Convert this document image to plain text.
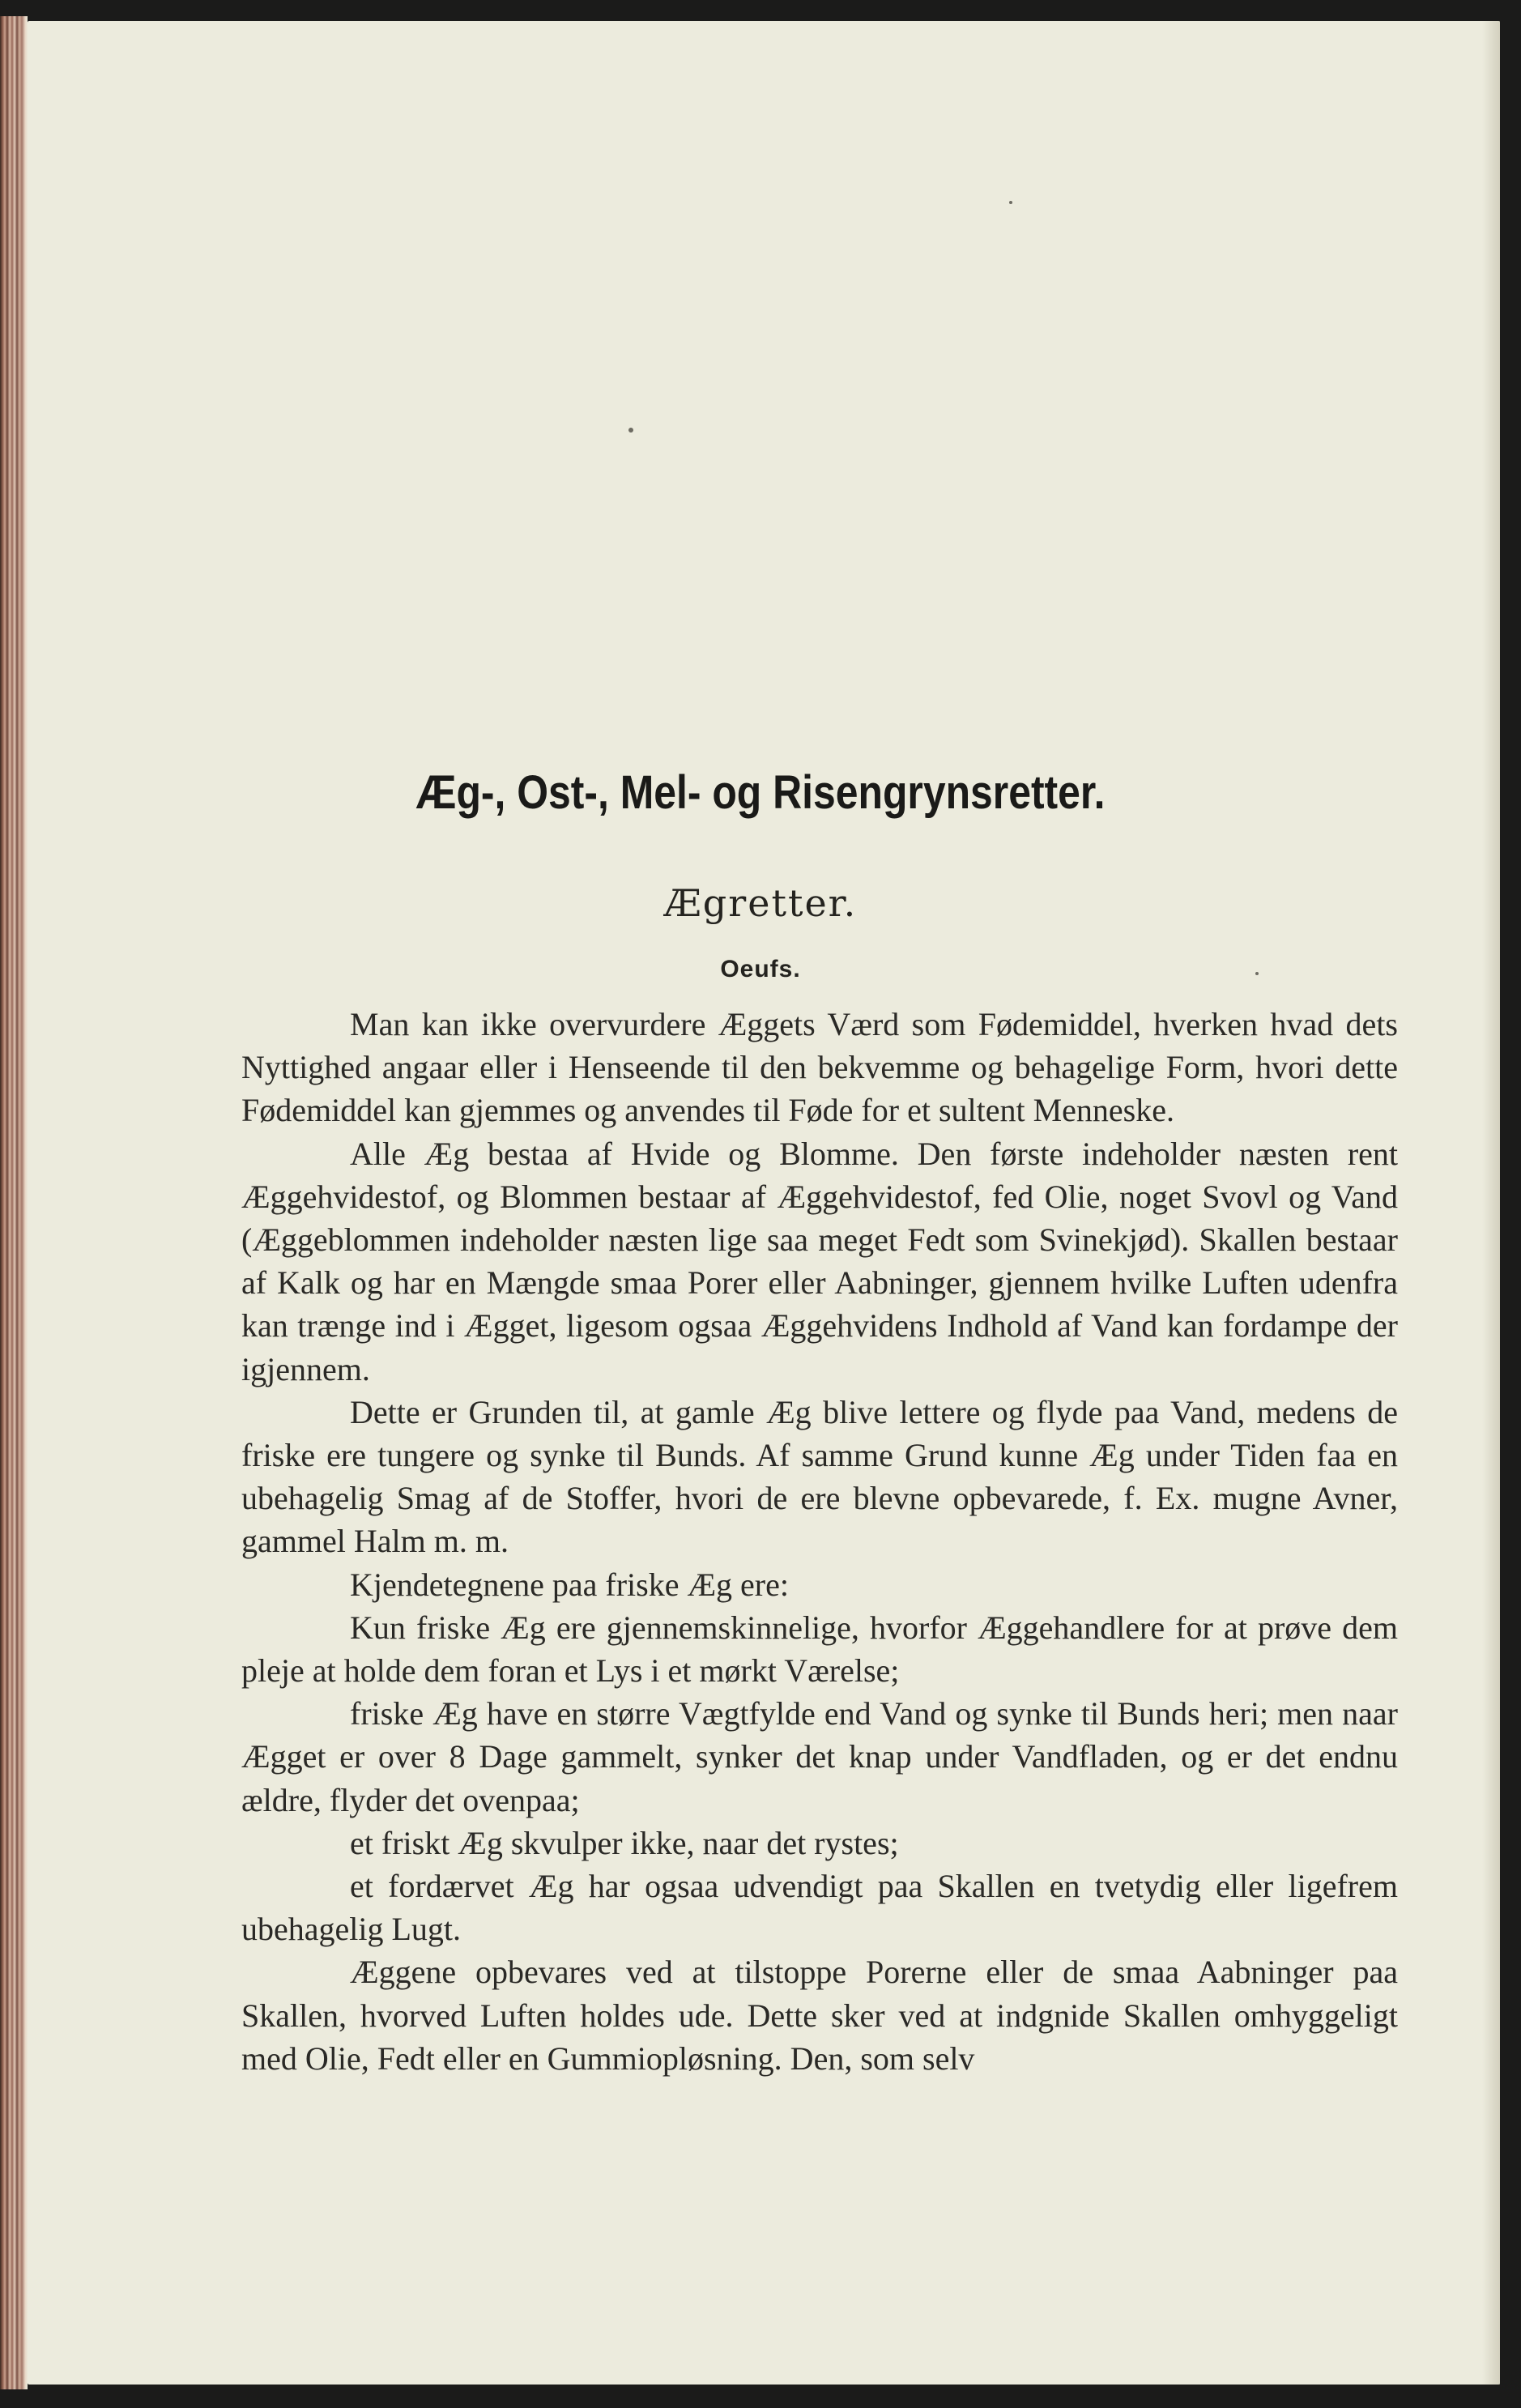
Æg-, Ost-, Mel- og Risengrynsretter.
Ægretter.
Oeufs.

Man kan ikke overvurdere Æggets Værd som Fødemiddel, hverken hvad dets Nyttighed angaar eller i Henseende til den bekvemme og behagelige Form, hvori dette Fødemiddel kan gjemmes og anvendes til Føde for et sultent Menneske.

Alle Æg bestaa af Hvide og Blomme. Den første indeholder næsten rent Æggehvidestof, og Blommen bestaar af Æggehvidestof, fed Olie, noget Svovl og Vand (Æggeblommen indeholder næsten lige saa meget Fedt som Svinekjød). Skallen bestaar af Kalk og har en Mængde smaa Porer eller Aabninger, gjennem hvilke Luften udenfra kan trænge ind i Ægget, ligesom ogsaa Æggehvidens Indhold af Vand kan fordampe der igjennem.

Dette er Grunden til, at gamle Æg blive lettere og flyde paa Vand, medens de friske ere tungere og synke til Bunds. Af samme Grund kunne Æg under Tiden faa en ubehagelig Smag af de Stoffer, hvori de ere blevne opbevarede, f. Ex. mugne Avner, gammel Halm m. m.

Kjendetegnene paa friske Æg ere:

Kun friske Æg ere gjennemskinnelige, hvorfor Æggehandlere for at prøve dem pleje at holde dem foran et Lys i et mørkt Værelse;

friske Æg have en større Vægtfylde end Vand og synke til Bunds heri; men naar Ægget er over 8 Dage gammelt, synker det knap under Vandfladen, og er det endnu ældre, flyder det ovenpaa;

et friskt Æg skvulper ikke, naar det rystes;

et fordærvet Æg har ogsaa udvendigt paa Skallen en tvetydig eller ligefrem ubehagelig Lugt.

Æggene opbevares ved at tilstoppe Porerne eller de smaa Aabninger paa Skallen, hvorved Luften holdes ude. Dette sker ved at indgnide Skallen omhyggeligt med Olie, Fedt eller en Gummiopløsning. Den, som selv
